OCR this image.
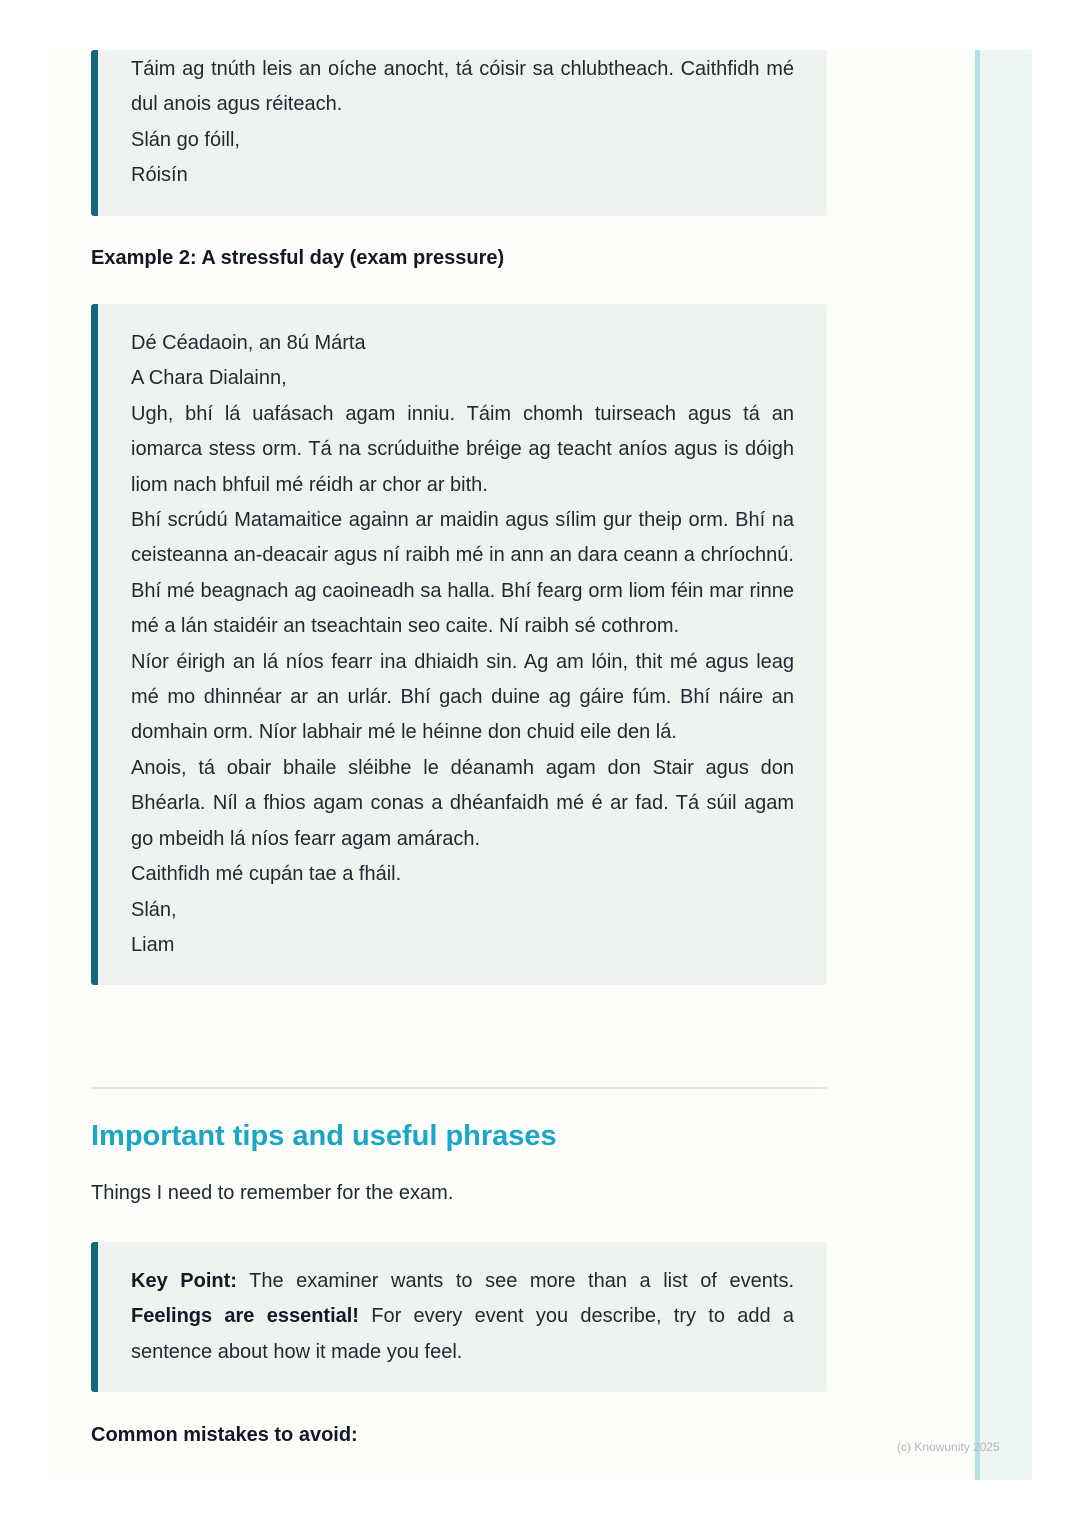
Táim ag tnúth leis an oíche anocht, tá cóisir sa chlubtheach. Caithfidh mé dul anois agus réiteach.

Slán go fóill,

Róisín

Example 2: A stressful day (exam pressure)

Dé Céadaoin, an 8ú Márta

A Chara Dialainn,

Ugh, bhí lá uafásach agam inniu. Táim chomh tuirseach agus tá an iomarca stess orm. Tá na scrúduithe bréige ag teacht aníos agus is dóigh liom nach bhfuil mé réidh ar chor ar bith.

Bhí scrúdú Matamaitice againn ar maidin agus sílim gur theip orm. Bhí na ceisteanna an-deacair agus ní raibh mé in ann an dara ceann a chríochnú. Bhí mé beagnach ag caoineadh sa halla. Bhí fearg orm liom féin mar rinne mé a lán staidéir an tseachtain seo caite. Ní raibh sé cothrom.

Níor éirigh an lá níos fearr ina dhiaidh sin. Ag am lóin, thit mé agus leag mé mo dhinnéar ar an urlár. Bhí gach duine ag gáire fúm. Bhí náire an domhain orm. Níor labhair mé le héinne don chuid eile den lá.

Anois, tá obair bhaile sléibhe le déanamh agam don Stair agus don Bhéarla. Níl a fhios agam conas a dhéanfaidh mé é ar fad. Tá súil agam go mbeidh lá níos fearr agam amárach.

Caithfidh mé cupán tae a fháil.

Slán,

Liam

Important tips and useful phrases

Things I need to remember for the exam.

Key Point: The examiner wants to see more than a list of events. Feelings are essential! For every event you describe, try to add a sentence about how it made you feel.

Common mistakes to avoid:
(c) Knowunity 2025
